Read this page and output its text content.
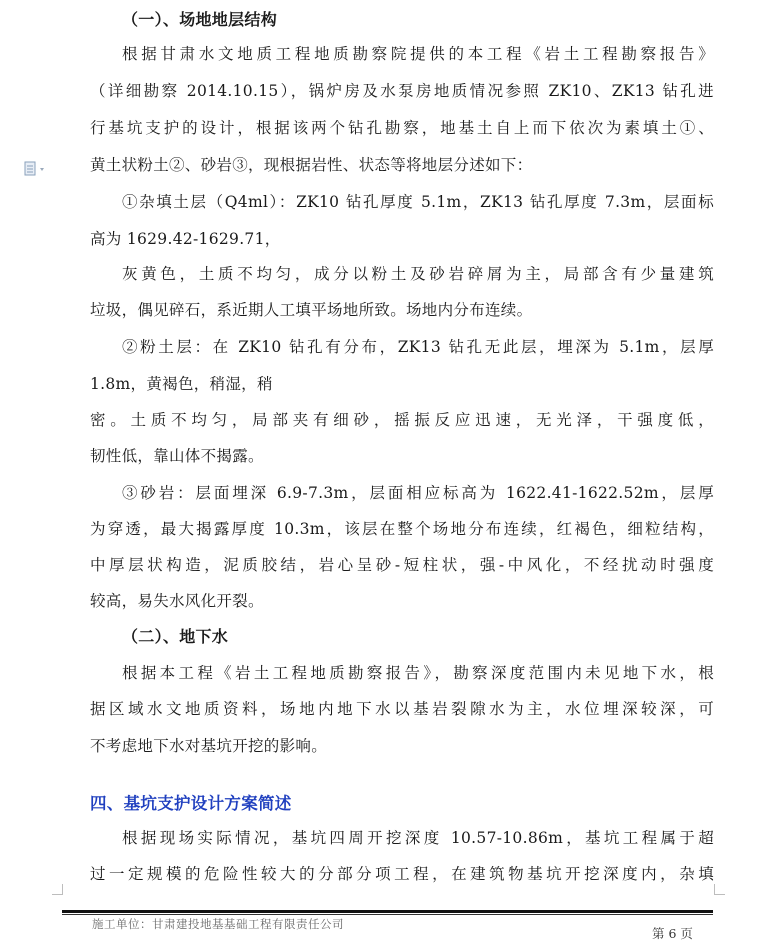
（一）、场地地层结构
根据甘肃水文地质工程地质勘察院提供的本工程《岩土工程勘察报告》
（详细勘察 2014.10.15），锅炉房及水泵房地质情况参照 ZK10、ZK13 钻孔进
行基坑支护的设计，根据该两个钻孔勘察，地基土自上而下依次为素填土①、
黄土状粉土②、砂岩③，现根据岩性、状态等将地层分述如下：
①杂填土层（Q4ml）：ZK10 钻孔厚度 5.1m，ZK13 钻孔厚度 7.3m，层面标
高为 1629.42-1629.71，
灰黄色，土质不均匀，成分以粉土及砂岩碎屑为主，局部含有少量建筑
垃圾，偶见碎石，系近期人工填平场地所致。场地内分布连续。
②粉土层：在 ZK10 钻孔有分布，ZK13 钻孔无此层，埋深为 5.1m，层厚
1.8m，黄褐色，稍湿，稍
密。土质不均匀，局部夹有细砂，摇振反应迅速，无光泽，干强度低，
韧性低，靠山体不揭露。
③砂岩：层面埋深 6.9-7.3m，层面相应标高为 1622.41-1622.52m，层厚
为穿透，最大揭露厚度 10.3m，该层在整个场地分布连续，红褐色，细粒结构，
中厚层状构造，泥质胶结，岩心呈砂-短柱状，强-中风化，不经扰动时强度
较高，易失水风化开裂。
（二）、地下水
根据本工程《岩土工程地质勘察报告》，勘察深度范围内未见地下水，根
据区域水文地质资料，场地内地下水以基岩裂隙水为主，水位埋深较深，可
不考虑地下水对基坑开挖的影响。
四、基坑支护设计方案简述
根据现场实际情况，基坑四周开挖深度 10.57-10.86m，基坑工程属于超
过一定规模的危险性较大的分部分项工程，在建筑物基坑开挖深度内，杂填
施工单位：甘肃建投地基基础工程有限责任公司
第 6 页
